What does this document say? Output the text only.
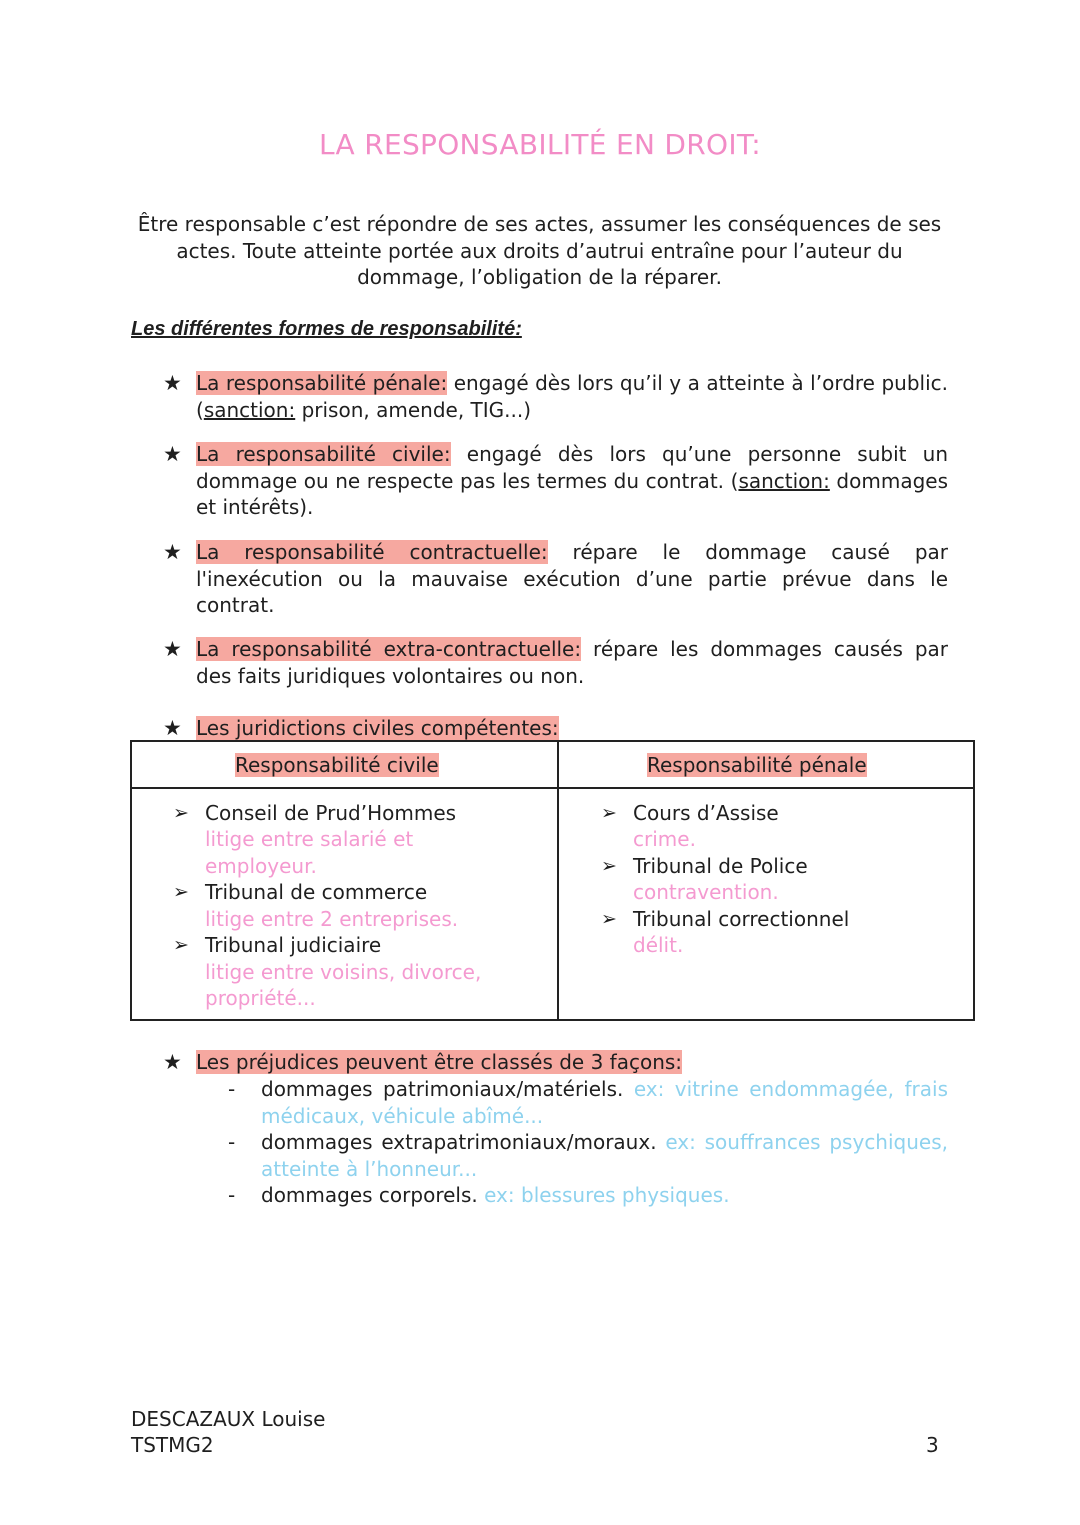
LA RESPONSABILITÉ EN DROIT:
Être responsable c’est répondre de ses actes, assumer les conséquences de ses actes. Toute atteinte portée aux droits d’autrui entraîne pour l’auteur du dommage, l’obligation de la réparer.
Les différentes formes de responsabilité:
★ La responsabilité pénale: engagé dès lors qu’il y a atteinte à l’ordre public. (sanction: prison, amende, TIG...)
★ La responsabilité civile: engagé dès lors qu’une personne subit un dommage ou ne respecte pas les termes du contrat. (sanction: dommages et intérêts).
★ La responsabilité contractuelle: répare le dommage causé par l'inexécution ou la mauvaise exécution d’une partie prévue dans le contrat.
★ La responsabilité extra-contractuelle: répare les dommages causés par des faits juridiques volontaires ou non.
★ Les juridictions civiles compétentes:
Responsabilité civile	Responsabilité pénale
➢ Conseil de Prud’Hommes
litige entre salarié et
employeur.
➢ Tribunal de commerce
litige entre 2 entreprises.
➢ Tribunal judiciaire
litige entre voisins, divorce,
propriété...
➢ Cours d’Assise
crime.
➢ Tribunal de Police
contravention.
➢ Tribunal correctionnel
délit.
★ Les préjudices peuvent être classés de 3 façons:
- dommages patrimoniaux/matériels. ex: vitrine endommagée, frais médicaux, véhicule abîmé...
- dommages extrapatrimoniaux/moraux. ex: souffrances psychiques, atteinte à l’honneur...
- dommages corporels. ex: blessures physiques.
DESCAZAUX Louise
TSTMG2	3
